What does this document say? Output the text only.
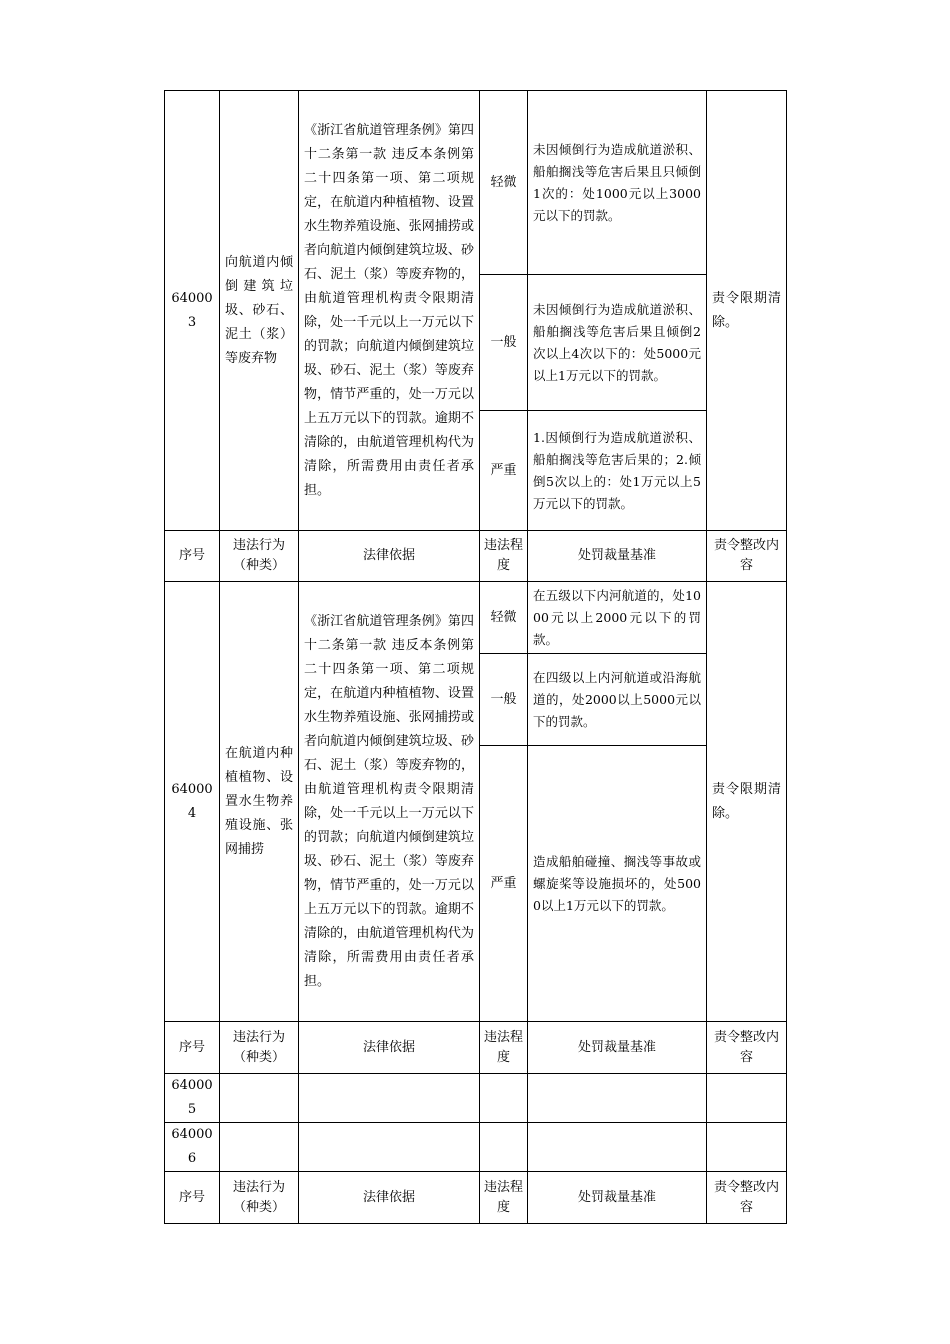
640003	向航道内倾倒建筑垃圾、砂石、泥土（浆）等废弃物	《浙江省航道管理条例》第四十二条第一款 违反本条例第二十四条第一项、第二项规定，在航道内种植植物、设置水生物养殖设施、张网捕捞或者向航道内倾倒建筑垃圾、砂石、泥土（浆）等废弃物的，由航道管理机构责令限期清除，处一千元以上一万元以下的罚款；向航道内倾倒建筑垃圾、砂石、泥土（浆）等废弃物，情节严重的，处一万元以上五万元以下的罚款。逾期不清除的，由航道管理机构代为清除，所需费用由责任者承担。	轻微	未因倾倒行为造成航道淤积、船舶搁浅等危害后果且只倾倒1次的：处1000元以上3000元以下的罚款。	责令限期清除。
			一般	未因倾倒行为造成航道淤积、船舶搁浅等危害后果且倾倒2次以上4次以下的：处5000元以上1万元以下的罚款。	
			严重	1.因倾倒行为造成航道淤积、船舶搁浅等危害后果的；2.倾倒5次以上的：处1万元以上5万元以下的罚款。	
序号	违法行为（种类）	法律依据	违法程度	处罚裁量基准	责令整改内容
640004	在航道内种植植物、设置水生物养殖设施、张网捕捞	《浙江省航道管理条例》第四十二条第一款 违反本条例第二十四条第一项、第二项规定，在航道内种植植物、设置水生物养殖设施、张网捕捞或者向航道内倾倒建筑垃圾、砂石、泥土（浆）等废弃物的，由航道管理机构责令限期清除，处一千元以上一万元以下的罚款；向航道内倾倒建筑垃圾、砂石、泥土（浆）等废弃物，情节严重的，处一万元以上五万元以下的罚款。逾期不清除的，由航道管理机构代为清除，所需费用由责任者承担。	轻微	在五级以下内河航道的，处1000元以上2000元以下的罚款。	责令限期清除。
			一般	在四级以上内河航道或沿海航道的，处2000以上5000元以下的罚款。	
			严重	造成船舶碰撞、搁浅等事故或螺旋桨等设施损坏的，处5000以上1万元以下的罚款。	
序号	违法行为（种类）	法律依据	违法程度	处罚裁量基准	责令整改内容
640005					
640006					
序号	违法行为（种类）	法律依据	违法程度	处罚裁量基准	责令整改内容
